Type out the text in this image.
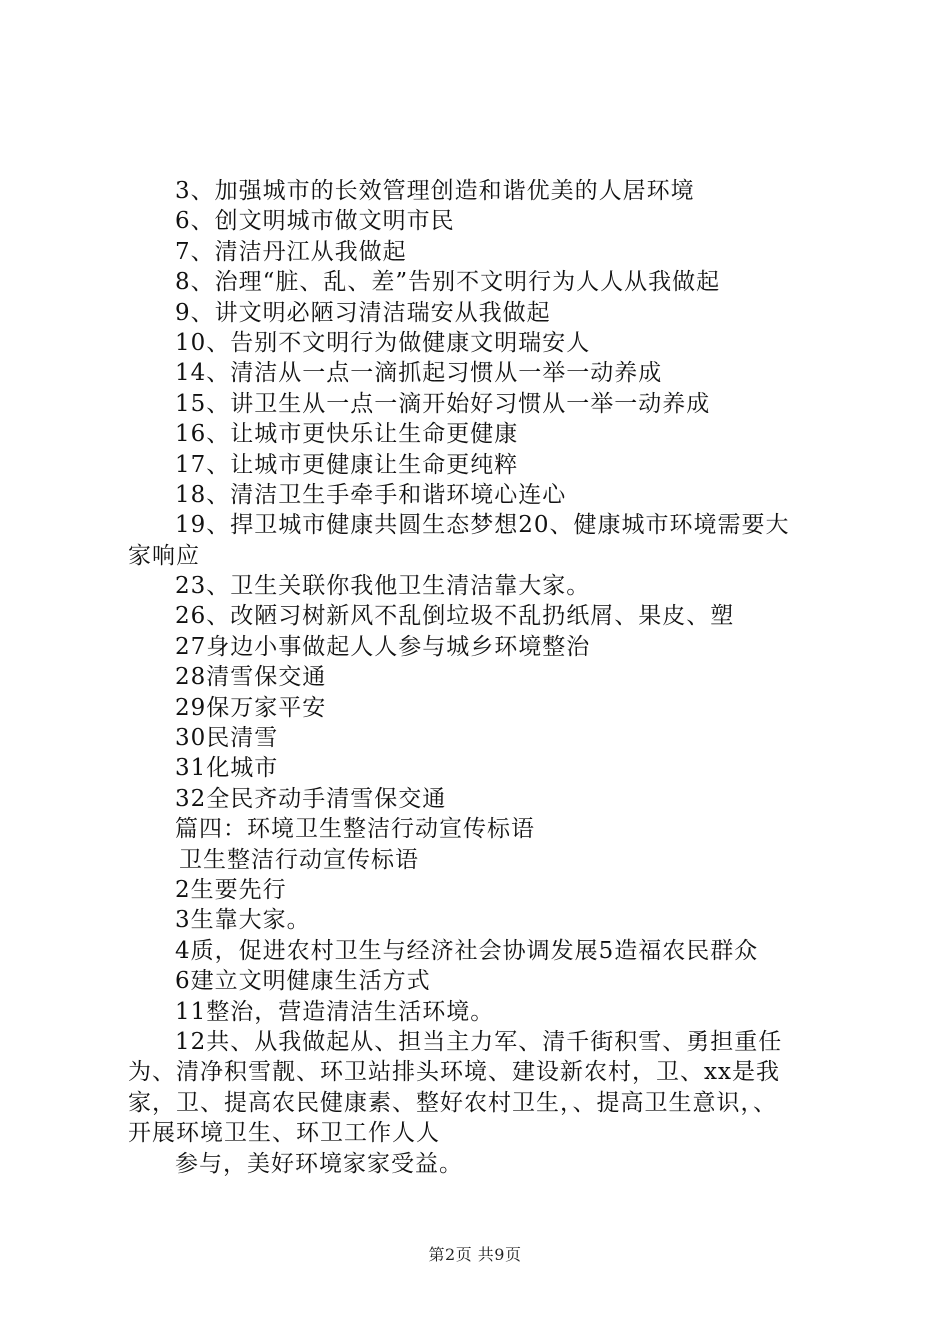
3、加强城市的长效管理创造和谐优美的人居环境
6、创文明城市做文明市民
7、清洁丹江从我做起
8、治理“脏、乱、差”告别不文明行为人人从我做起
9、讲文明必陋习清洁瑞安从我做起
10、告别不文明行为做健康文明瑞安人
14、清洁从一点一滴抓起习惯从一举一动养成
15、讲卫生从一点一滴开始好习惯从一举一动养成
16、让城市更快乐让生命更健康
17、让城市更健康让生命更纯粹
18、清洁卫生手牵手和谐环境心连心
19、捍卫城市健康共圆生态梦想20、健康城市环境需要大
家响应
23、卫生关联你我他卫生清洁靠大家。
26、改陋习树新风不乱倒垃圾不乱扔纸屑、果皮、塑
27身边小事做起人人参与城乡环境整治
28清雪保交通
29保万家平安
30民清雪
31化城市
32全民齐动手清雪保交通
篇四：环境卫生整洁行动宣传标语
卫生整洁行动宣传标语
2生要先行
3生靠大家。
4质，促进农村卫生与经济社会协调发展5造福农民群众
6建立文明健康生活方式
11整治，营造清洁生活环境。
12共、从我做起从、担当主力军、清千街积雪、勇担重任
为、清净积雪靓、环卫站排头环境、建设新农村，卫、xx是我
家，卫、提高农民健康素、整好农村卫生，、提高卫生意识，、
开展环境卫生、环卫工作人人
参与，美好环境家家受益。
第2页 共9页
